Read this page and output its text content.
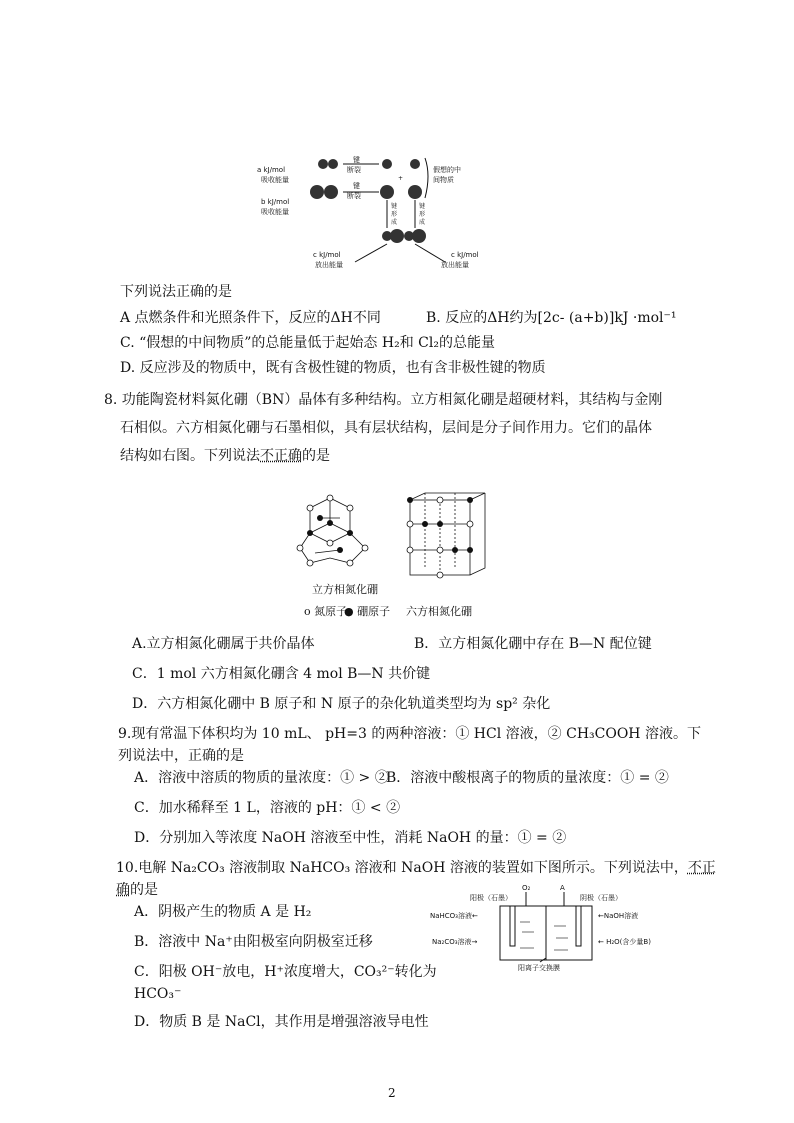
a kJ/mol
吸收能量
b kJ/mol
吸收能量
c kJ/mol
放出能量
c kJ/mol
放出能量
键
断裂
键
断裂
假想的中
间物质
键
形
成
键
形
成
+
下列说法正确的是
A 点燃条件和光照条件下，反应的ΔH不同	B. 反应的ΔH约为[2c- (a+b)]kJ ·mol⁻¹
C. “假想的中间物质”的总能量低于起始态 H₂和 Cl₂的总能量
D. 反应涉及的物质中，既有含极性键的物质，也有含非极性键的物质
8. 功能陶瓷材料氮化硼（BN）晶体有多种结构。立方相氮化硼是超硬材料，其结构与金刚
石相似。六方相氮化硼与石墨相似，具有层状结构，层间是分子间作用力。它们的晶体
结构如右图。下列说法不正确的是
立方相氮化硼
o 氮原子
● 硼原子 六方相氮化硼
A.立方相氮化硼属于共价晶体	B．立方相氮化硼中存在 B—N 配位键
C．1 mol 六方相氮化硼含 4 mol B—N 共价键
D．六方相氮化硼中 B 原子和 N 原子的杂化轨道类型均为 sp² 杂化
9.现有常温下体积均为 10 mL、 pH=3 的两种溶液：① HCl 溶液，② CH₃COOH 溶液。下
列说法中，正确的是
A．溶液中溶质的物质的量浓度：① > ②
B．溶液中酸根离子的物质的量浓度：① = ②
C．加水稀释至 1 L，溶液的 pH：① < ②
D．分别加入等浓度 NaOH 溶液至中性，消耗 NaOH 的量：① = ②
10.电解 Na₂CO₃ 溶液制取 NaHCO₃ 溶液和 NaOH 溶液的装置如下图所示。下列说法中，不正
确的是	O₂	A
阳极（石墨）	阴极（石墨）
NaHCO₃溶液←
Na₂CO₃溶液→
←NaOH溶液
← H₂O(含少量B)
阳离子交换膜
A．阴极产生的物质 A 是 H₂
B．溶液中 Na⁺由阳极室向阴极室迁移
C．阳极 OH⁻放电，H⁺浓度增大，CO₃²⁻转化为
HCO₃⁻
D．物质 B 是 NaCl，其作用是增强溶液导电性
2
